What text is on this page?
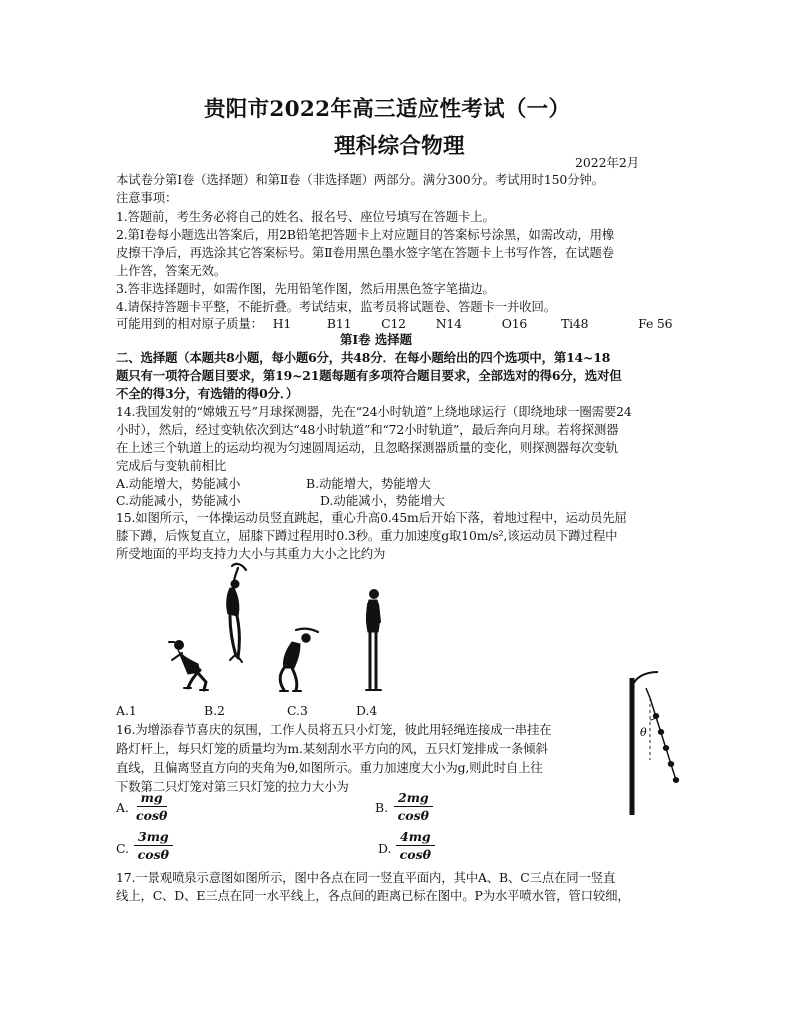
贵阳市2022年高三适应性考试（一）
理科综合物理
2022年2月
本试卷分第Ⅰ卷（选择题）和第Ⅱ卷（非选择题）两部分。满分300分。考试用时150分钟。
注意事项：
1.答题前，考生务必将自己的姓名、报名号、座位号填写在答题卡上。
2.第Ⅰ卷每小题选出答案后，用2B铅笔把答题卡上对应题目的答案标号涂黑，如需改动，用橡
皮擦干净后，再选涂其它答案标号。第Ⅱ卷用黑色墨水签字笔在答题卡上书写作答，在试题卷
上作答，答案无效。
3.答非选择题时，如需作图，先用铅笔作图，然后用黑色签字笔描边。
4.请保持答题卡平整，不能折叠。考试结束，监考员将试题卷、答题卡一并收回。
可能用到的相对原子质量： H1	B11 C12 N14	O16	Ti48	Fe 56
第Ⅰ卷 选择题
二、选择题（本题共8小题，每小题6分，共48分．在每小题给出的四个选项中，第14~18
题只有一项符合题目要求，第19~21题每题有多项符合题目要求，全部选对的得6分，选对但
不全的得3分，有选错的得0分．）
14.我国发射的“嫦娥五号”月球探测器，先在“24小时轨道”上绕地球运行（即绕地球一圈需要24
小时），然后，经过变轨依次到达“48小时轨道”和“72小时轨道”，最后奔向月球。若将探测器
在上述三个轨道上的运动均视为匀速圆周运动，且忽略探测器质量的变化，则探测器每次变轨
完成后与变轨前相比
A.动能增大，势能减小	B.动能增大，势能增大
C.动能减小，势能减小	D.动能减小，势能增大
15.如图所示，一体操运动员竖直跳起，重心升高0.45m后开始下落，着地过程中，运动员先屈
膝下蹲，后恢复直立，屈膝下蹲过程用时0.3秒。重力加速度g取10m/s²,该运动员下蹲过程中
所受地面的平均支持力大小与其重力大小之比约为
A.1	B.2	C.3	D.4
16.为增添春节喜庆的氛围，工作人员将五只小灯笼，彼此用轻绳连接成一串挂在
路灯杆上，每只灯笼的质量均为m.某刻刮水平方向的风，五只灯笼排成一条倾斜
直线，且偏离竖直方向的夹角为θ,如图所示。重力加速度大小为g,则此时自上往
下数第二只灯笼对第三只灯笼的拉力大小为
θ
A. $\frac{mg}{\cos\theta}$	B. $\frac{2mg}{\cos\theta}$
C. $\frac{3mg}{\cos\theta}$	D. $\frac{4mg}{\cos\theta}$
17.一景观喷泉示意图如图所示，图中各点在同一竖直平面内，其中A、B、C三点在同一竖直
线上，C、D、E三点在同一水平线上，各点间的距离已标在图中。P为水平喷水管，管口较细，
